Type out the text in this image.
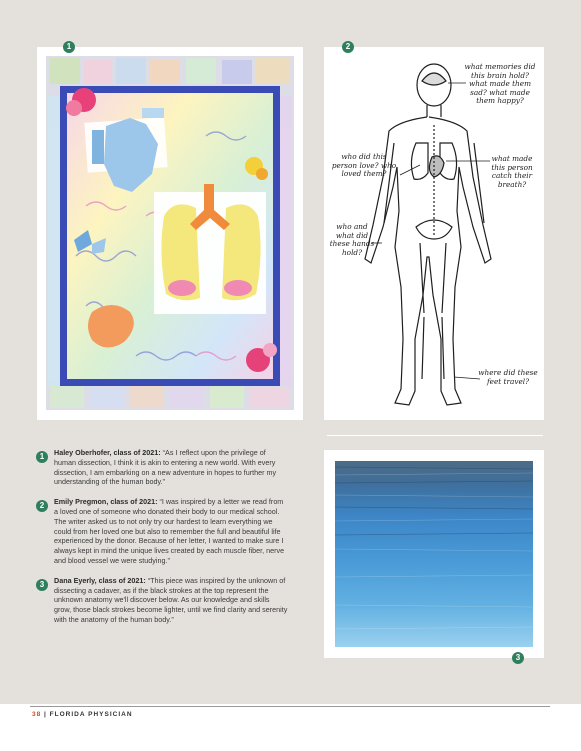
1
what memories did this brain hold? what made them sad? what made them happy?
who did this person love? who loved them?
what made this person catch their breath?
who and what did these hands hold?
where did these feet travel?
2
3
1	Haley Oberhofer, class of 2021: “As I reflect upon the privilege of human dissection, I think it is akin to entering a new world. With every dissection, I am embarking on a new adventure in hopes to further my understanding of the human body.”
2	Emily Pregmon, class of 2021: “I was inspired by a letter we read from a loved one of someone who donated their body to our medical school. The writer asked us to not only try our hardest to learn everything we could from her loved one but also to remember the full and beautiful life experienced by the donor. Because of her letter, I wanted to make sure I always kept in mind the unique lives created by each muscle fiber, nerve and blood vessel we were studying.”
3	Dana Eyerly, class of 2021: “This piece was inspired by the unknown of dissecting a cadaver, as if the black strokes at the top represent the unknown anatomy we'll discover below. As our knowledge and skills grow, those black strokes become lighter, until we find clarity and serenity with the anatomy of the human body.”
38 | FLORIDA PHYSICIAN
